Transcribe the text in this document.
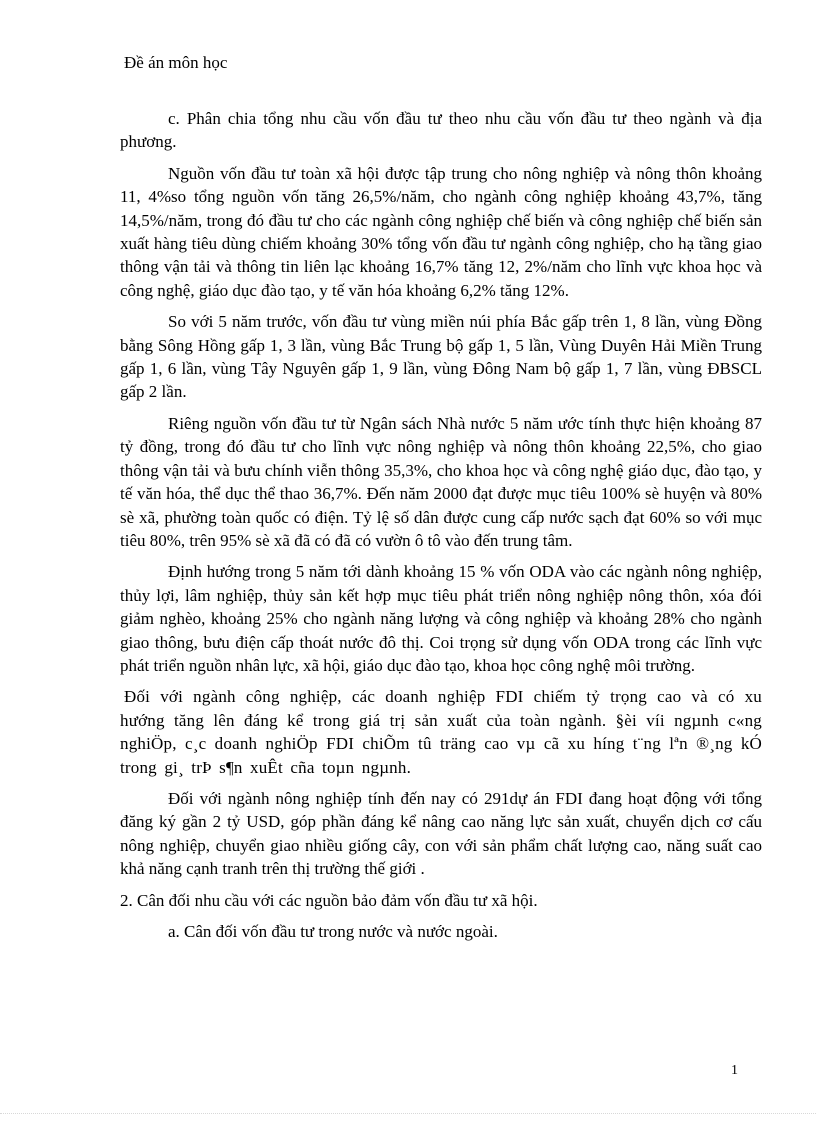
Đề án môn học

c. Phân chia tổng nhu cầu vốn đầu tư theo nhu cầu vốn đầu tư theo ngành và địa phương.

Nguồn vốn đầu tư toàn xã hội được tập trung cho nông nghiệp và nông thôn khoảng 11, 4%so tổng nguồn vốn tăng 26,5%/năm, cho ngành công nghiệp khoảng 43,7%, tăng 14,5%/năm, trong đó đầu tư cho các ngành công nghiệp chế biến và công nghiệp chế biến sản xuất hàng tiêu dùng chiếm khoảng 30% tổng vốn đầu tư ngành công nghiệp, cho hạ tầng giao thông vận tải và thông tin liên lạc khoảng 16,7% tăng 12, 2%/năm cho lĩnh vực khoa học và công nghệ, giáo dục đào tạo, y tế văn hóa khoảng 6,2% tăng 12%.

So với 5 năm trước, vốn đầu tư vùng miền núi phía Bắc gấp trên 1, 8 lần, vùng Đồng bằng Sông Hồng gấp 1, 3 lần, vùng Bắc Trung bộ gấp 1, 5 lần, Vùng Duyên Hải Miền Trung gấp 1, 6 lần, vùng Tây Nguyên gấp 1, 9 lần, vùng Đông Nam bộ gấp 1, 7 lần, vùng ĐBSCL gấp 2 lần.

Riêng nguồn vốn đầu tư từ Ngân sách Nhà nước 5 năm ước tính thực hiện khoảng 87 tỷ đồng, trong đó đầu tư cho lĩnh vực nông nghiệp và nông thôn khoảng 22,5%, cho giao thông vận tải và bưu chính viễn thông 35,3%, cho khoa học và công nghệ giáo dục, đào tạo, y tế văn hóa, thể dục thể thao 36,7%. Đến năm 2000 đạt được mục tiêu 100% sè huyện và 80% sè xã, phường toàn quốc có điện. Tỷ lệ số dân được cung cấp nước sạch đạt 60% so với mục tiêu 80%, trên 95% sè xã đã có đã có vườn ô tô vào đến trung tâm.

Định hướng trong 5 năm tới dành khoảng 15 % vốn ODA vào các ngành nông nghiệp, thủy lợi, lâm nghiệp, thủy sản kết hợp mục tiêu phát triển nông nghiệp nông thôn, xóa đói giảm nghèo, khoảng 25% cho ngành năng lượng và công nghiệp và khoảng 28% cho ngành giao thông, bưu điện cấp thoát nước đô thị. Coi trọng sử dụng vốn ODA trong các lĩnh vực phát triển nguồn nhân lực, xã hội, giáo dục đào tạo, khoa học công nghệ môi trường.

Đối với ngành công nghiệp, các doanh nghiệp FDI chiếm tỷ trọng cao và có xu hướng tăng lên đáng kể trong giá trị sản xuất của toàn ngành. §èi víi ngµnh c«ng nghiÖp, c¸c doanh nghiÖp FDI chiÕm tû träng cao vµ cã xu híng t¨ng lªn ®¸ng kÓ trong gi¸ trÞ s¶n xuÊt cña toµn ngµnh.

Đối với ngành nông nghiệp tính đến nay có 291dự án FDI đang hoạt động với tổng đăng ký gần 2 tỷ USD, góp phần đáng kể nâng cao năng lực sản xuất, chuyển dịch cơ cấu nông nghiệp, chuyển giao nhiều giống cây, con với sản phẩm chất lượng cao, năng suất cao khả năng cạnh tranh trên thị trường thế giới .

2. Cân đối nhu cầu với các nguồn bảo đảm vốn đầu tư xã hội.

a. Cân đối vốn đầu tư trong nước và nước ngoài.

1
